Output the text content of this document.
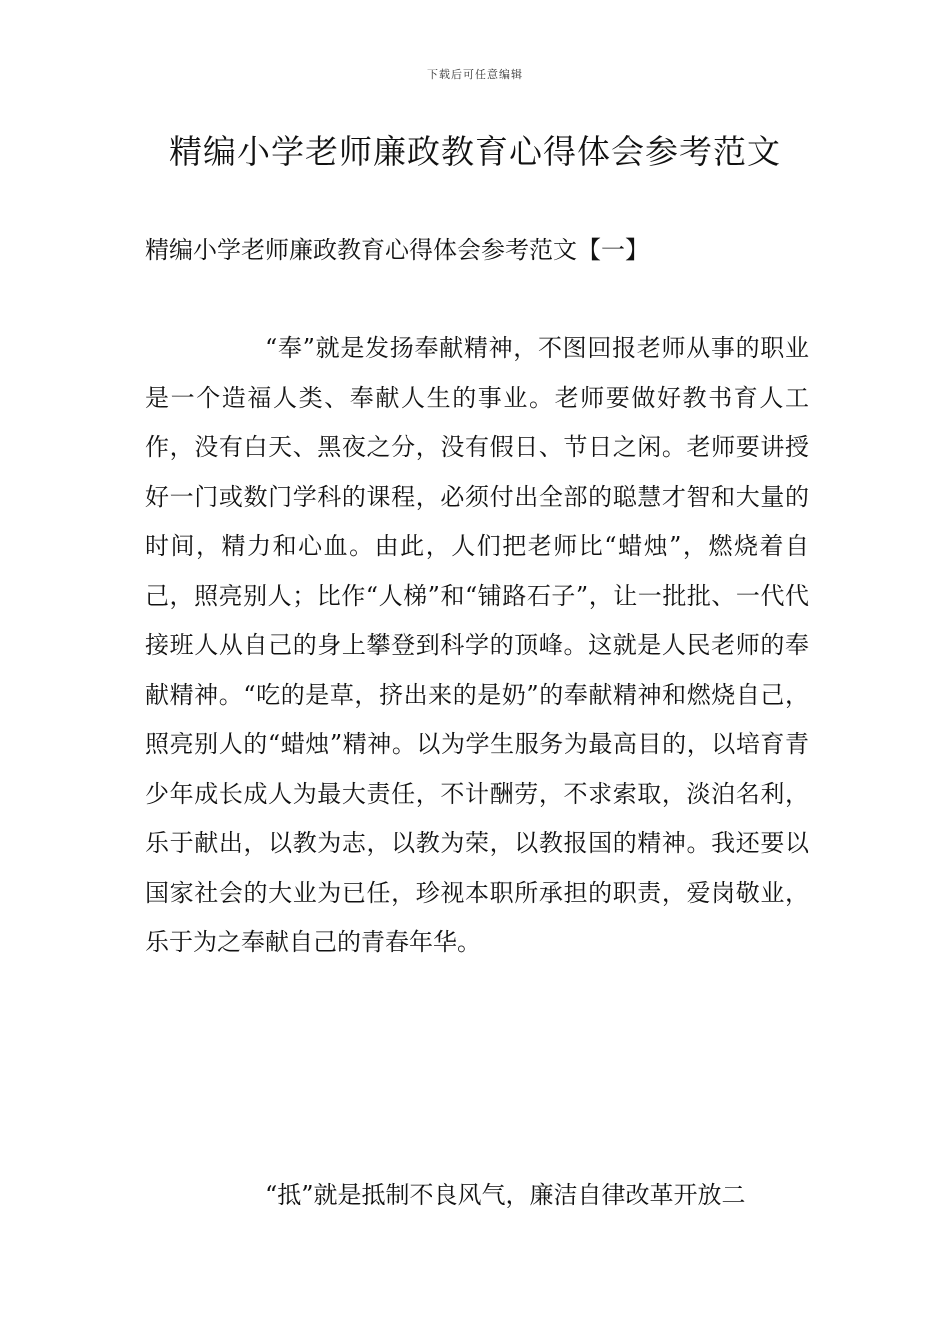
下载后可任意编辑
精编小学老师廉政教育心得体会参考范文
精编小学老师廉政教育心得体会参考范文【一】

“奉”就是发扬奉献精神，不图回报老师从事的职业是一个造福人类、奉献人生的事业。老师要做好教书育人工作，没有白天、黑夜之分，没有假日、节日之闲。老师要讲授好一门或数门学科的课程，必须付出全部的聪慧才智和大量的时间，精力和心血。由此，人们把老师比“蜡烛”，燃烧着自己，照亮别人；比作“人梯”和“铺路石子”，让一批批、一代代接班人从自己的身上攀登到科学的顶峰。这就是人民老师的奉献精神。“吃的是草，挤出来的是奶”的奉献精神和燃烧自己，照亮别人的“蜡烛”精神。以为学生服务为最高目的，以培育青少年成长成人为最大责任，不计酬劳，不求索取，淡泊名利，乐于献出，以教为志，以教为荣，以教报国的精神。我还要以国家社会的大业为已任，珍视本职所承担的职责，爱岗敬业，乐于为之奉献自己的青春年华。

“抵”就是抵制不良风气，廉洁自律改革开放二
